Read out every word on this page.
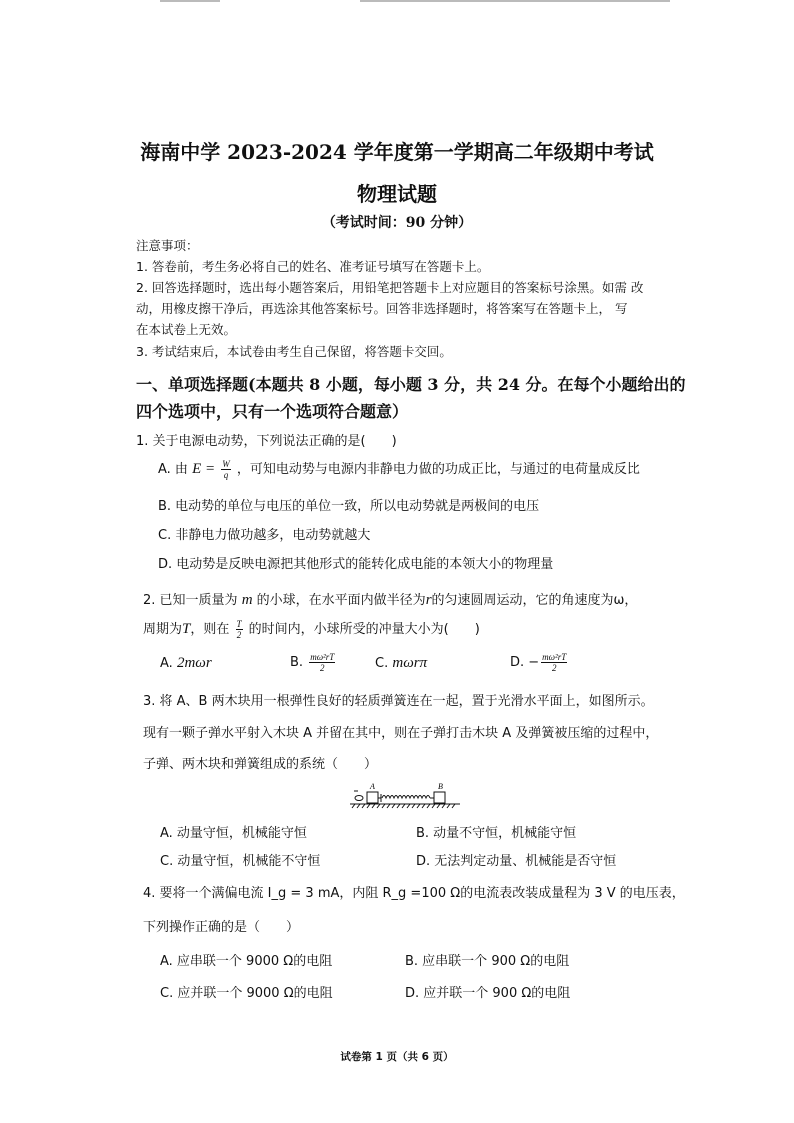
海南中学 2023-2024 学年度第一学期高二年级期中考试
物理试题
（考试时间：90 分钟）
注意事项：
1. 答卷前，考生务必将自己的姓名、准考证号填写在答题卡上。
2. 回答选择题时，选出每小题答案后，用铅笔把答题卡上对应题目的答案标号涂黑。如需 改
动，用橡皮擦干净后，再选涂其他答案标号。回答非选择题时，将答案写在答题卡上， 写
在本试卷上无效。
3. 考试结束后，本试卷由考生自己保留，将答题卡交回。
一、单项选择题(本题共 8 小题，每小题 3 分，共 24 分。在每个小题给出的
四个选项中，只有一个选项符合题意）
1. 关于电源电动势，下列说法正确的是(　　)
A. 由 $E = \frac{W}{q}$ ，可知电动势与电源内非静电力做的功成正比，与通过的电荷量成反比
B. 电动势的单位与电压的单位一致，所以电动势就是两极间的电压
C. 非静电力做功越多，电动势就越大
D. 电动势是反映电源把其他形式的能转化成电能的本领大小的物理量
2. 已知一质量为 m 的小球，在水平面内做半径为r的匀速圆周运动，它的角速度为ω，
周期为T，则在 $\frac{T}{2}$ 的时间内，小球所受的冲量大小为(　　)
A. 2mωr	B. $\frac{\text{mω²rT}}{2}$	C. mωrπ	D. − $\frac{\text{mω²rT}}{2}$
3. 将 A、B 两木块用一根弹性良好的轻质弹簧连在一起，置于光滑水平面上，如图所示。
现有一颗子弹水平射入木块 A 并留在其中，则在子弹打击木块 A 及弹簧被压缩的过程中，
子弹、两木块和弹簧组成的系统（　　）
A	B
A. 动量守恒，机械能守恒	B. 动量不守恒，机械能守恒
C. 动量守恒，机械能不守恒	D. 无法判定动量、机械能是否守恒
4. 要将一个满偏电流 I_g = 3 mA，内阻 R_g =100 Ω的电流表改装成量程为 3 V 的电压表，
下列操作正确的是（　　）
A. 应串联一个 9000 Ω的电阻	B. 应串联一个 900 Ω的电阻
C. 应并联一个 9000 Ω的电阻	D. 应并联一个 900 Ω的电阻
试卷第 1 页（共 6 页）
